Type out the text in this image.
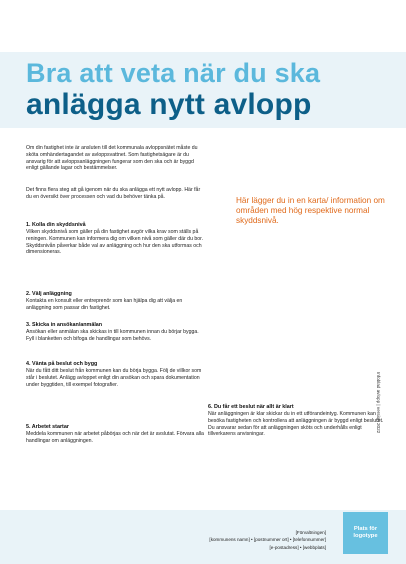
Bra att veta när du ska
anlägga nytt avlopp

Om din fastighet inte är ansluten till det kommunala avloppsnätet måste du sköta omhändertagandet av avloppsvattnet. Som fastighetsägare är du ansvarig för att avloppsanläggningen fungerar som den ska och är byggd enligt gällande lagar och bestämmelser.

Det finns flera steg att gå igenom när du ska anlägga ett nytt avlopp. Här får du en översikt över processen och vad du behöver tänka på.

1. Kolla din skyddsnivå
Vilken skyddsnivå som gäller på din fastighet avgör vilka krav som ställs på reningen. Kommunen kan informera dig om vilken nivå som gäller där du bor. Skyddsnivån påverkar både val av anläggning och hur den ska utformas och dimensioneras.
2. Välj anläggning
Kontakta en konsult eller entreprenör som kan hjälpa dig att välja en anläggning som passar din fastighet.
3. Skicka in ansökan/anmälan
Ansökan eller anmälan ska skickas in till kommunen innan du börjar bygga. Fyll i blanketten och bifoga de handlingar som behövs.
4. Vänta på beslut och bygg
När du fått ditt beslut från kommunen kan du börja bygga. Följ de villkor som står i beslutet. Anlägg avloppet enligt din ansökan och spara dokumentation under byggtiden, till exempel fotografier.
5. Arbetet startar
Meddela kommunen när arbetet påbörjas och när det är avslutat. Förvara alla handlingar om anläggningen.
6. Du får ett beslut när allt är klart
När anläggningen är klar skickar du in ett utförandeintyg. Kommunen kan besöka fastigheten och kontrollera att anläggningen är byggd enligt beslutet. Du ansvarar sedan för att anläggningen sköts och underhålls enligt tillverkarens anvisningar.

Här lägger du in en karta/ information om områden med hög respektive normal skyddsnivå.

Infoblad avlopp | version 2022
[Förvaltningen]
[kommunens namn] • [postnummer ort] • [telefonnummer]
[e-postadress] • [webbplats]
Plats för logotype
